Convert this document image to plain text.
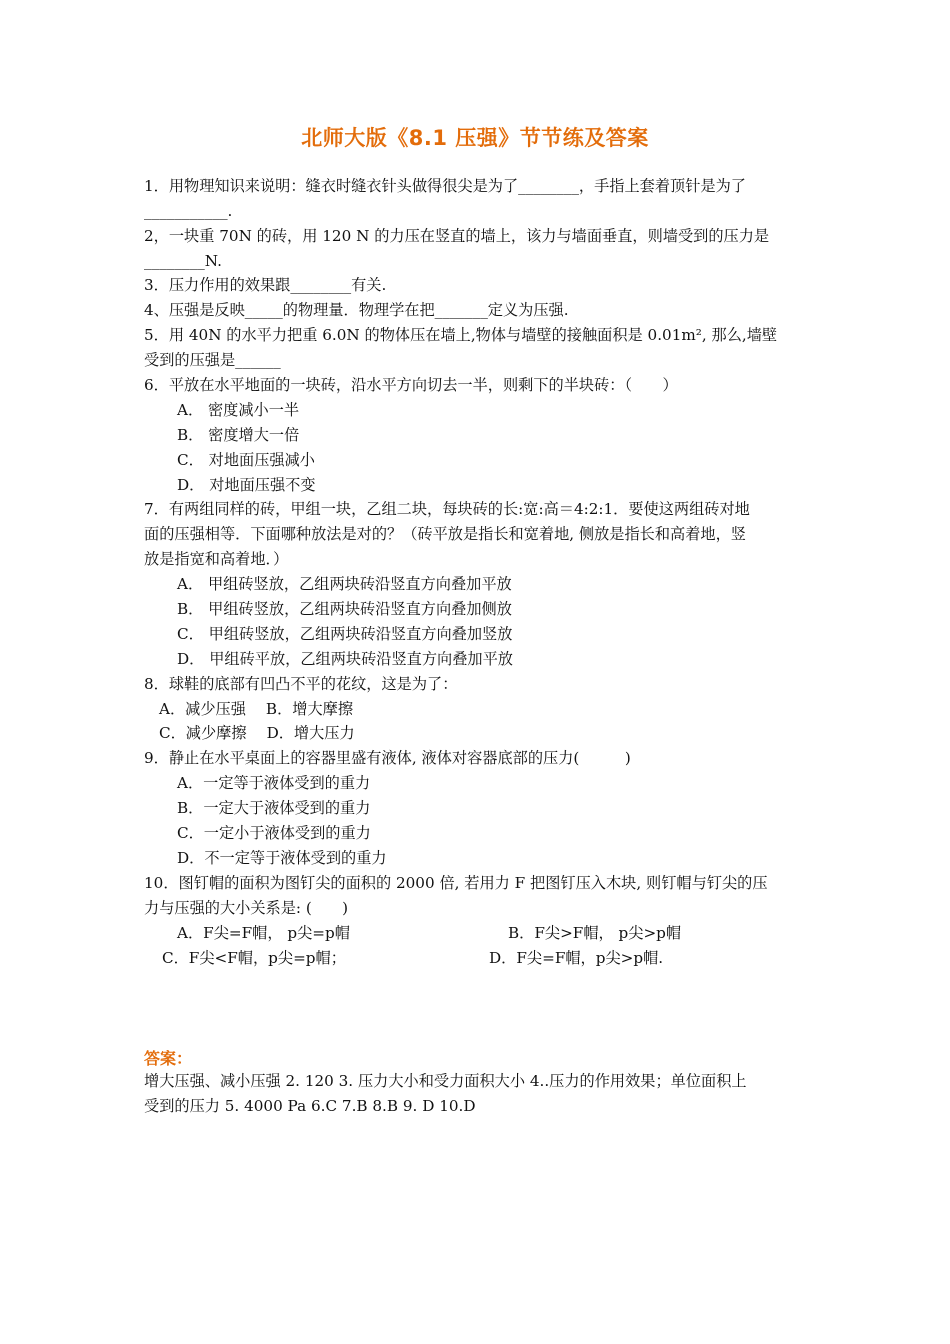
北师大版《8.1 压强》节节练及答案
1．用物理知识来说明：缝衣时缝衣针头做得很尖是为了________，手指上套着顶针是为了
___________.
2，一块重 70N 的砖，用 120 N 的力压在竖直的墙上，该力与墙面垂直，则墙受到的压力是
________N.
3．压力作用的效果跟________有关.
4、压强是反映_____的物理量．物理学在把_______定义为压强.
5．用 40N 的水平力把重 6.0N 的物体压在墙上,物体与墙壁的接触面积是 0.01m², 那么,墙壁
受到的压强是______
6．平放在水平地面的一块砖，沿水平方向切去一半，则剩下的半块砖：（　　）
A． 密度减小一半
B． 密度增大一倍
C． 对地面压强减小
D． 对地面压强不变
7．有两组同样的砖，甲组一块，乙组二块，每块砖的长:宽:高＝4:2:1．要使这两组砖对地
面的压强相等．下面哪种放法是对的？（砖平放是指长和宽着地, 侧放是指长和高着地，竖
放是指宽和高着地．）
A． 甲组砖竖放，乙组两块砖沿竖直方向叠加平放
B． 甲组砖竖放，乙组两块砖沿竖直方向叠加侧放
C． 甲组砖竖放，乙组两块砖沿竖直方向叠加竖放
D． 甲组砖平放，乙组两块砖沿竖直方向叠加平放
8．球鞋的底部有凹凸不平的花纹，这是为了：
A．减少压强　 B．增大摩擦
C．减少摩擦　 D．增大压力
9．静止在水平桌面上的容器里盛有液体, 液体对容器底部的压力(　　　)
A．一定等于液体受到的重力
B．一定大于液体受到的重力
C．一定小于液体受到的重力
D．不一定等于液体受到的重力
10．图钉帽的面积为图钉尖的面积的 2000 倍, 若用力 F 把图钉压入木块, 则钉帽与钉尖的压
力与压强的大小关系是: (　　)
A．F尖=F帽， p尖=p帽	B．F尖>F帽， p尖>p帽
C．F尖<F帽，p尖=p帽；	D．F尖=F帽，p尖>p帽.
答案：
增大压强、减小压强 2. 120 3. 压力大小和受力面积大小 4..压力的作用效果；单位面积上
受到的压力 5. 4000 Pa 6.C 7.B 8.B 9. D 10.D
